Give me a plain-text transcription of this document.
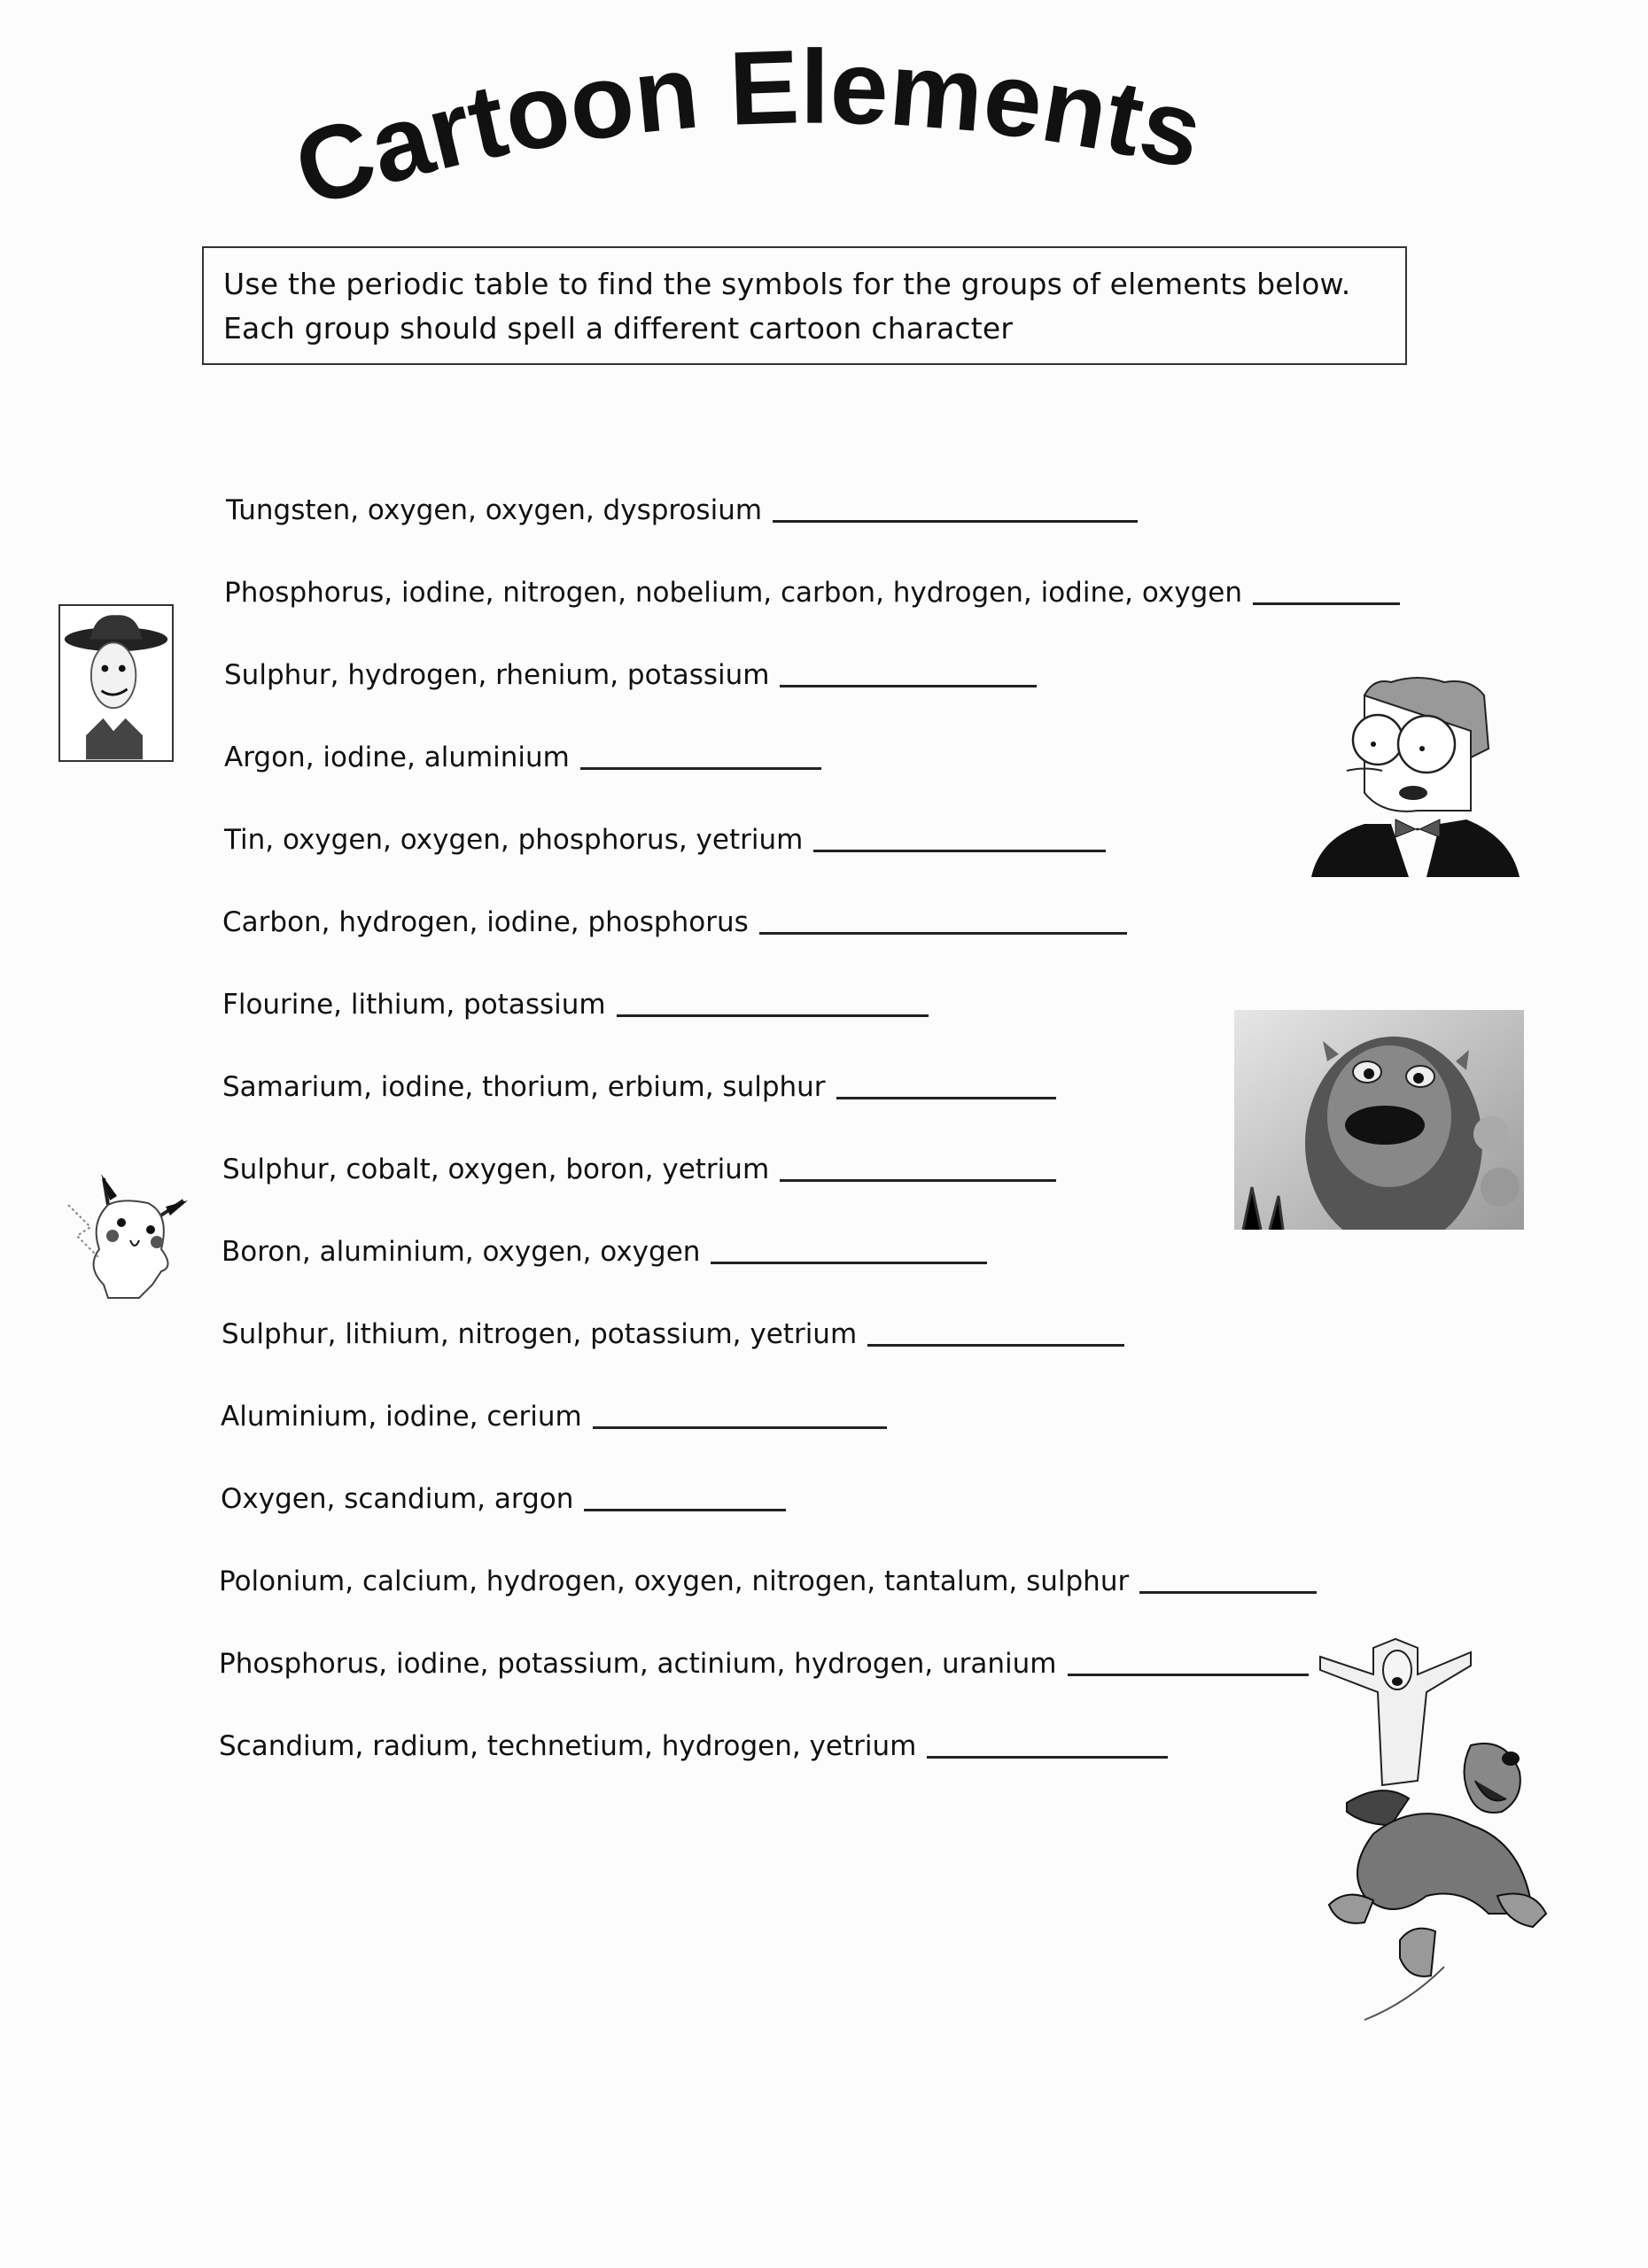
Cartoon Elements
Use the periodic table to find the symbols for the groups of elements below.
Each group should spell a different cartoon character
Tungsten, oxygen, oxygen, dysprosium
Phosphorus, iodine, nitrogen, nobelium, carbon, hydrogen, iodine, oxygen
Sulphur, hydrogen, rhenium, potassium
Argon, iodine, aluminium
Tin, oxygen, oxygen, phosphorus, yetrium
Carbon, hydrogen, iodine, phosphorus
Flourine, lithium, potassium
Samarium, iodine, thorium, erbium, sulphur
Sulphur, cobalt, oxygen, boron, yetrium
Boron, aluminium, oxygen, oxygen
Sulphur, lithium, nitrogen, potassium, yetrium
Aluminium, iodine, cerium
Oxygen, scandium, argon
Polonium, calcium, hydrogen, oxygen, nitrogen, tantalum, sulphur
Phosphorus, iodine, potassium, actinium, hydrogen, uranium
Scandium, radium, technetium, hydrogen, yetrium
